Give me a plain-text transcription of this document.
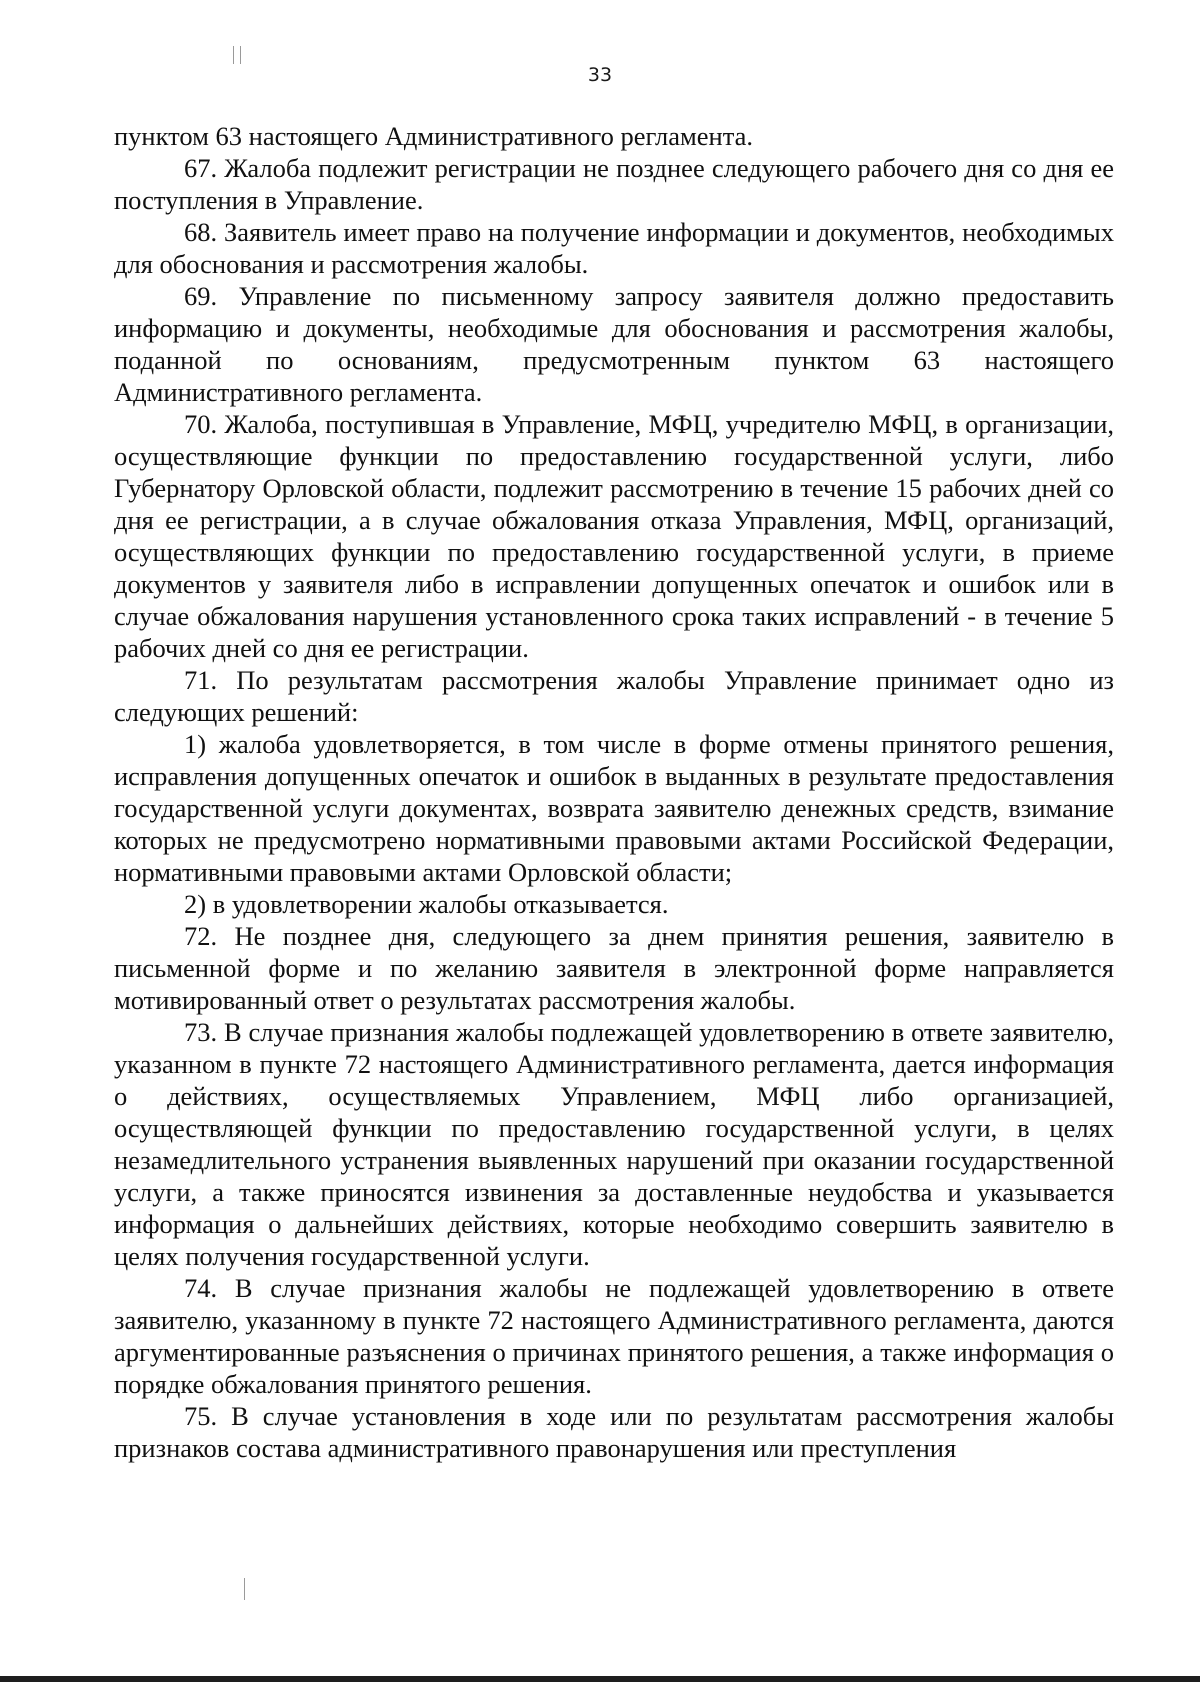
33

пунктом 63 настоящего Административного регламента.

67. Жалоба подлежит регистрации не позднее следующего рабочего дня со дня ее поступления в Управление.

68. Заявитель имеет право на получение информации и документов, необходимых для обоснования и рассмотрения жалобы.

69. Управление по письменному запросу заявителя должно предоставить информацию и документы, необходимые для обоснования и рассмотрения жалобы, поданной по основаниям, предусмотренным пунктом 63 настоящего Административного регламента.

70. Жалоба, поступившая в Управление, МФЦ, учредителю МФЦ, в организации, осуществляющие функции по предоставлению государственной услуги, либо Губернатору Орловской области, подлежит рассмотрению в течение 15 рабочих дней со дня ее регистрации, а в случае обжалования отказа Управления, МФЦ, организаций, осуществляющих функции по предоставлению государственной услуги, в приеме документов у заявителя либо в исправлении допущенных опечаток и ошибок или в случае обжалования нарушения установленного срока таких исправлений - в течение 5 рабочих дней со дня ее регистрации.

71. По результатам рассмотрения жалобы Управление принимает одно из следующих решений:

1) жалоба удовлетворяется, в том числе в форме отмены принятого решения, исправления допущенных опечаток и ошибок в выданных в результате предоставления государственной услуги документах, возврата заявителю денежных средств, взимание которых не предусмотрено нормативными правовыми актами Российской Федерации, нормативными правовыми актами Орловской области;

2) в удовлетворении жалобы отказывается.

72. Не позднее дня, следующего за днем принятия решения, заявителю в письменной форме и по желанию заявителя в электронной форме направляется мотивированный ответ о результатах рассмотрения жалобы.

73. В случае признания жалобы подлежащей удовлетворению в ответе заявителю, указанном в пункте 72 настоящего Административного регламента, дается информация о действиях, осуществляемых Управлением, МФЦ либо организацией, осуществляющей функции по предоставлению государственной услуги, в целях незамедлительного устранения выявленных нарушений при оказании государственной услуги, а также приносятся извинения за доставленные неудобства и указывается информация о дальнейших действиях, которые необходимо совершить заявителю в целях получения государственной услуги.

74. В случае признания жалобы не подлежащей удовлетворению в ответе заявителю, указанному в пункте 72 настоящего Административного регламента, даются аргументированные разъяснения о причинах принятого решения, а также информация о порядке обжалования принятого решения.

75. В случае установления в ходе или по результатам рассмотрения жалобы признаков состава административного правонарушения или преступления
